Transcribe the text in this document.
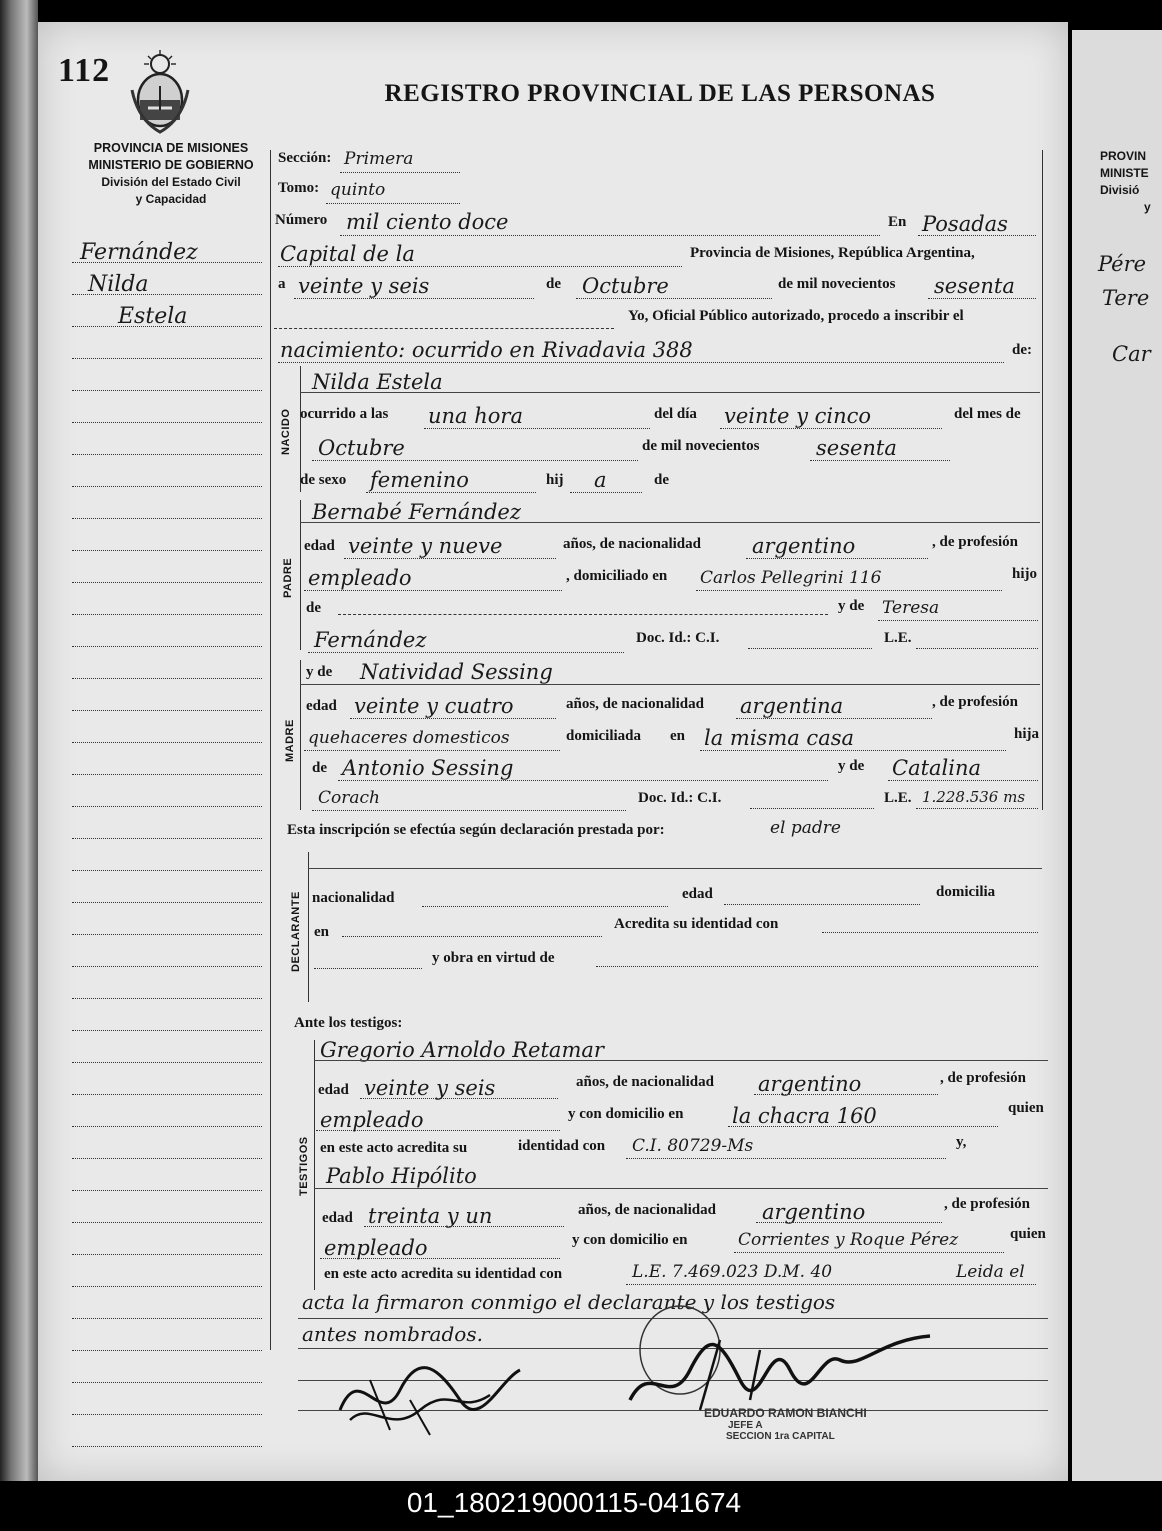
PROVIN
MINISTE
Divisió
y
Pére
Tere
Car
112
REGISTRO PROVINCIAL DE LAS PERSONAS
PROVINCIA DE MISIONES
MINISTERIO DE GOBIERNO
División del Estado Civil
y Capacidad
Fernández
Nilda
Estela
Sección: Primera
Tomo: quinto
Número mil ciento doce	En Posadas
Capital de la	Provincia de Misiones, República Argentina,
a veinte y seis	de Octubre	de mil novecientos sesenta
Yo, Oficial Público autorizado, procedo a inscribir el
nacimiento: ocurrido en Rivadavia 388	de:
NACIDO
Nilda Estela
ocurrido a las una hora	del día veinte y cinco	del mes de
Octubre	de mil novecientos	sesenta
de sexo femenino	hij a	de
PADRE
Bernabé Fernández
edad veinte y nueve	años, de nacionalidad argentino	, de profesión
empleado	, domiciliado en Carlos Pellegrini 116	hijo
de	y de Teresa
Fernández	Doc. Id.: C.I.	L.E.
MADRE
y de Natividad Sessing
edad veinte y cuatro	años, de nacionalidad argentina	, de profesión
quehaceres domesticos	domiciliada en la misma casa	hija
de Antonio Sessing	y de Catalina
Corach	Doc. Id.: C.I.	L.E. 1.228.536 ms
Esta inscripción se efectúa según declaración prestada por:	el padre
DECLARANTE nacionalidad	edad	domicilia
en	Acredita su identidad con
y obra en virtud de
Ante los testigos:
TESTIGOS
Gregorio Arnoldo Retamar
edad veinte y seis	años, de nacionalidad argentino	, de profesión
empleado	y con domicilio en la chacra 160	quien
en este acto acredita su	identidad con C.I. 80729-Ms	y,
Pablo Hipólito
edad treinta y un	años, de nacionalidad argentino	, de profesión
empleado	y con domicilio en	Corrientes y Roque Pérez	quien
en este acto acredita su identidad con	L.E. 7.469.023 D.M. 40	Leida el
acta la firmaron conmigo el declarante y los testigos
antes nombrados.
EDUARDO RAMON BIANCHI
JEFE A
SECCION 1ra CAPITAL
01_180219000115-041674
